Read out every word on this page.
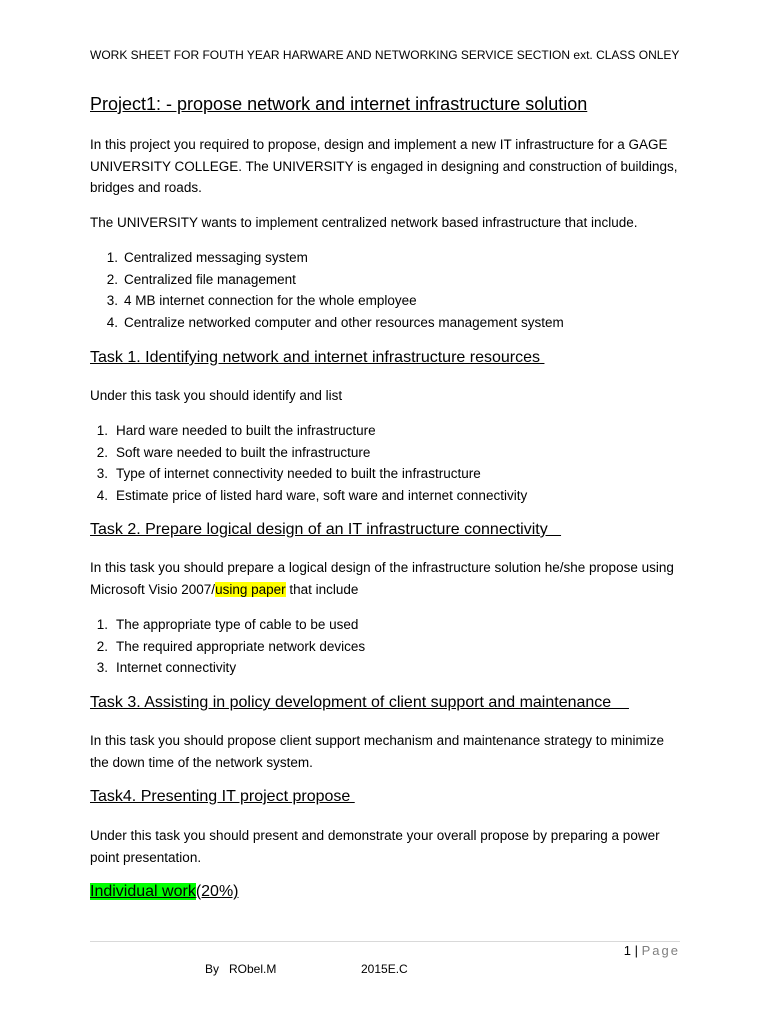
WORK SHEET FOR FOUTH YEAR HARWARE AND NETWORKING SERVICE SECTION ext. CLASS ONLEY
Project1: - propose network and internet infrastructure solution
In this project you required to propose, design and implement a new IT infrastructure for a GAGE UNIVERSITY COLLEGE. The UNIVERSITY is engaged in designing and construction of buildings, bridges and roads.
The UNIVERSITY wants to implement centralized network based infrastructure that include.
1. Centralized messaging system
2. Centralized file management
3. 4 MB internet connection for the whole employee
4. Centralize networked computer and other resources management system
Task 1. Identifying network and internet infrastructure resources
Under this task you should identify and list
1. Hard ware needed to built the infrastructure
2. Soft ware needed to built the infrastructure
3. Type of internet connectivity needed to built the infrastructure
4. Estimate price of listed hard ware, soft ware and internet connectivity
Task 2. Prepare logical design of an IT infrastructure connectivity
In this task you should prepare a logical design of the infrastructure solution he/she propose using Microsoft Visio 2007/using paper that include
1. The appropriate type of cable to be used
2. The required appropriate network devices
3. Internet connectivity
Task 3. Assisting in policy development of client support and maintenance
In this task you should propose client support mechanism and maintenance strategy to minimize the down time of the network system.
Task4. Presenting IT project propose
Under this task you should present and demonstrate your overall propose by preparing a power point presentation.
Individual work(20%)
1 | Page
By   RObel.M	2015E.C
